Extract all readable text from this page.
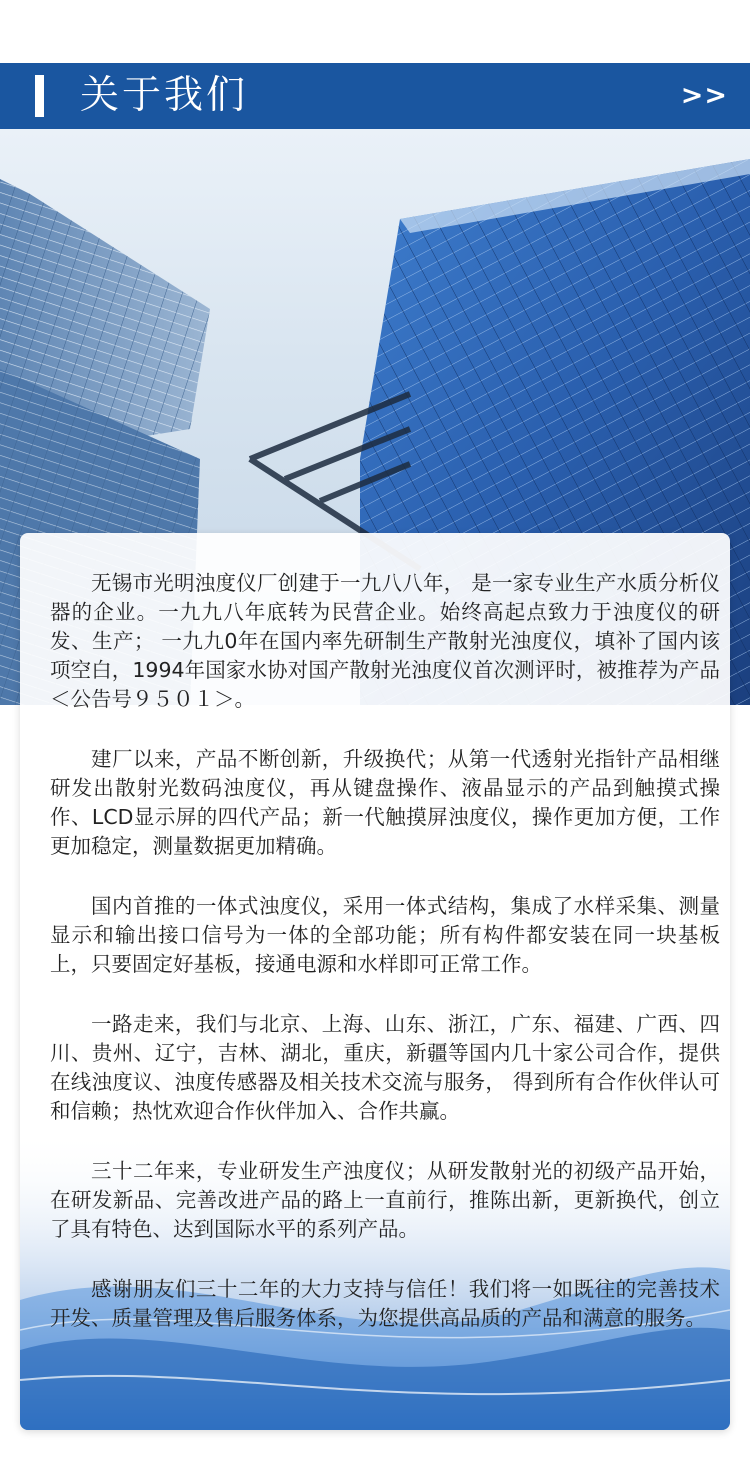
关于我们	>>

无锡市光明浊度仪厂创建于一九八八年， 是一家专业生产水质分析仪器的企业。一九九八年底转为民营企业。始终高起点致力于浊度仪的研发、生产； 一九九0年在国内率先研制生产散射光浊度仪，填补了国内该项空白，1994年国家水协对国产散射光浊度仪首次测评时，被推荐为产品＜公告号９５０１＞。

建厂以来，产品不断创新，升级换代；从第一代透射光指针产品相继研发出散射光数码浊度仪，再从键盘操作、液晶显示的产品到触摸式操作、LCD显示屏的四代产品；新一代触摸屏浊度仪，操作更加方便，工作更加稳定，测量数据更加精确。

国内首推的一体式浊度仪，采用一体式结构，集成了水样采集、测量显示和输出接口信号为一体的全部功能；所有构件都安装在同一块基板上，只要固定好基板，接通电源和水样即可正常工作。

一路走来，我们与北京、上海、山东、浙江，广东、福建、广西、四川、贵州、辽宁，吉林、湖北，重庆，新疆等国内几十家公司合作，提供在线浊度议、浊度传感器及相关技术交流与服务， 得到所有合作伙伴认可和信赖；热忱欢迎合作伙伴加入、合作共赢。

三十二年来，专业研发生产浊度仪；从研发散射光的初级产品开始，在研发新品、完善改进产品的路上一直前行，推陈出新，更新换代，创立了具有特色、达到国际水平的系列产品。

感谢朋友们三十二年的大力支持与信任！我们将一如既往的完善技术开发、质量管理及售后服务体系，为您提供高品质的产品和满意的服务。
